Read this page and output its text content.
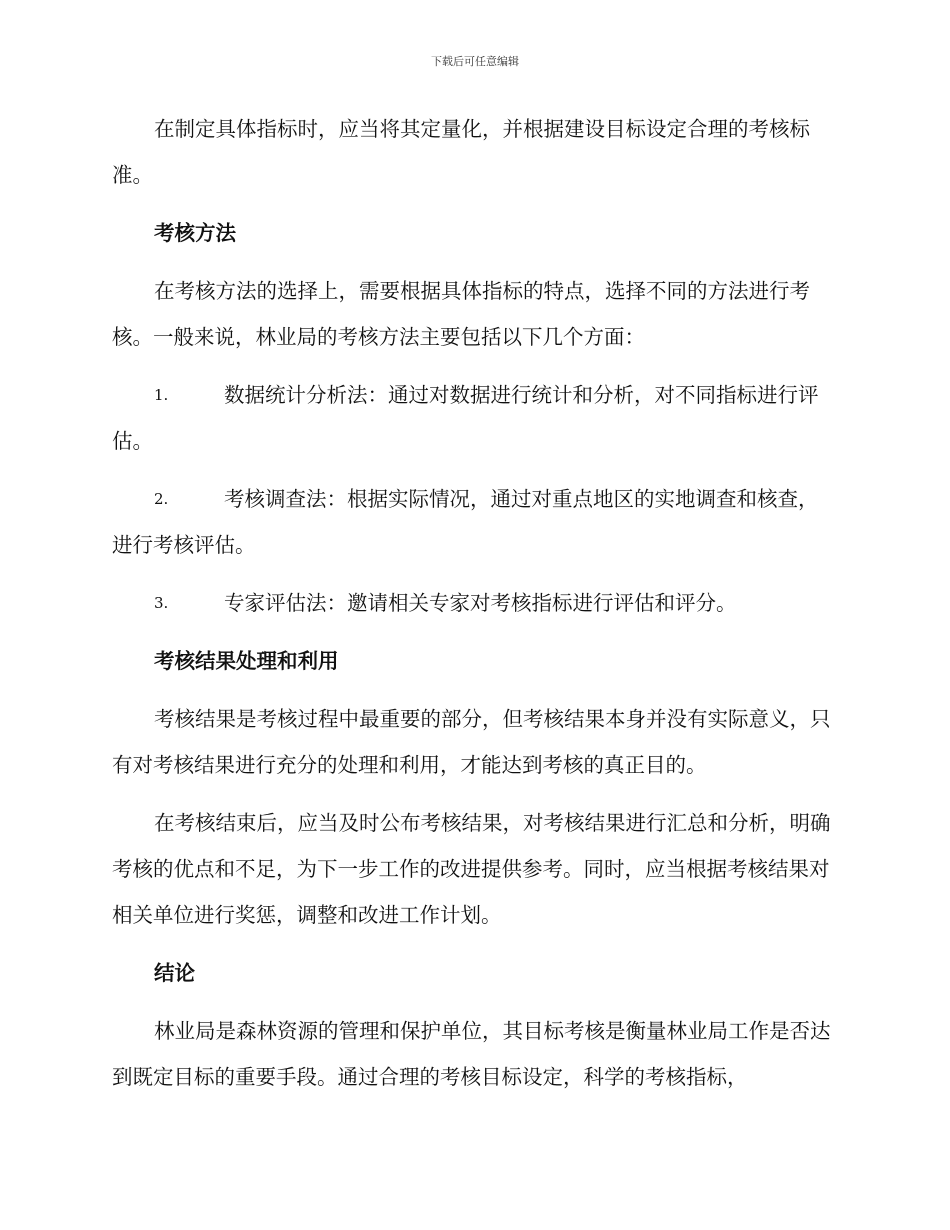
下载后可任意编辑

在制定具体指标时，应当将其定量化，并根据建设目标设定合理的考核标准。

考核方法

在考核方法的选择上，需要根据具体指标的特点，选择不同的方法进行考核。一般来说，林业局的考核方法主要包括以下几个方面：

1.	数据统计分析法：通过对数据进行统计和分析，对不同指标进行评估。

2.	考核调查法：根据实际情况，通过对重点地区的实地调查和核查，进行考核评估。

3.	专家评估法：邀请相关专家对考核指标进行评估和评分。

考核结果处理和利用

考核结果是考核过程中最重要的部分，但考核结果本身并没有实际意义，只有对考核结果进行充分的处理和利用，才能达到考核的真正目的。

在考核结束后，应当及时公布考核结果，对考核结果进行汇总和分析，明确考核的优点和不足，为下一步工作的改进提供参考。同时，应当根据考核结果对相关单位进行奖惩，调整和改进工作计划。

结论

林业局是森林资源的管理和保护单位，其目标考核是衡量林业局工作是否达到既定目标的重要手段。通过合理的考核目标设定，科学的考核指标，
